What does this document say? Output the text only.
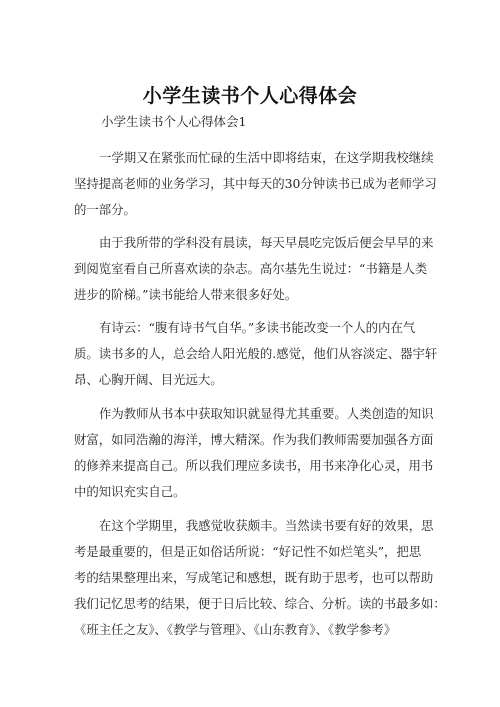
小学生读书个人心得体会
小学生读书个人心得体会1
一学期又在紧张而忙碌的生活中即将结束，在这学期我校继续
坚持提高老师的业务学习，其中每天的30分钟读书已成为老师学习
的一部分。
由于我所带的学科没有晨读，每天早晨吃完饭后便会早早的来
到阅览室看自己所喜欢读的杂志。高尔基先生说过：“书籍是人类
进步的阶梯。”读书能给人带来很多好处。
有诗云：“腹有诗书气自华。”多读书能改变一个人的内在气
质。读书多的人，总会给人阳光般的.感觉，他们从容淡定、器宇轩
昂、心胸开阔、目光远大。
作为教师从书本中获取知识就显得尤其重要。人类创造的知识
财富，如同浩瀚的海洋，博大精深。作为我们教师需要加强各方面
的修养来提高自己。所以我们理应多读书，用书来净化心灵，用书
中的知识充实自己。
在这个学期里，我感觉收获颇丰。当然读书要有好的效果，思
考是最重要的，但是正如俗话所说：“好记性不如烂笔头”，把思
考的结果整理出来，写成笔记和感想，既有助于思考，也可以帮助
我们记忆思考的结果，便于日后比较、综合、分析。读的书最多如：
《班主任之友》、《教学与管理》、《山东教育》、《教学参考》
